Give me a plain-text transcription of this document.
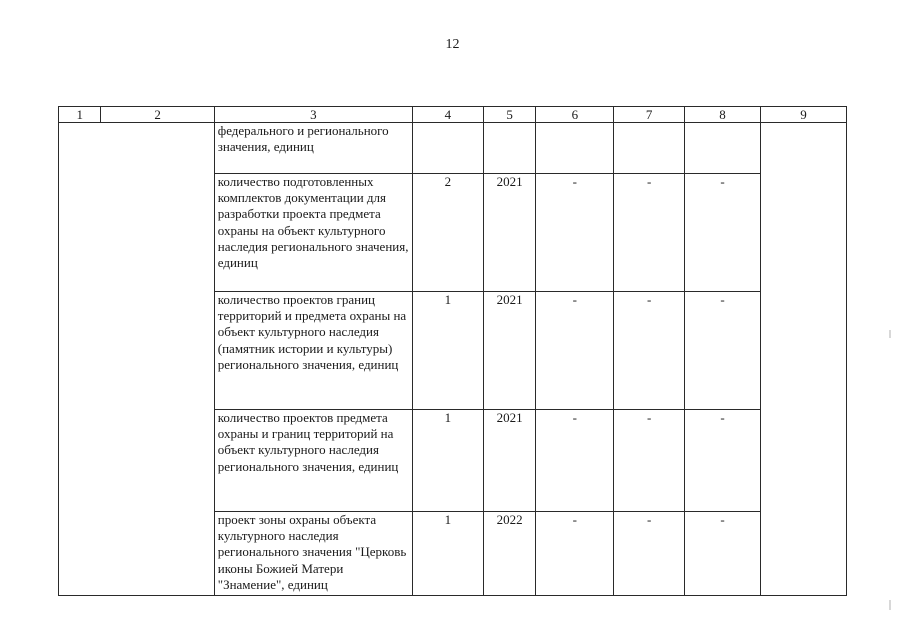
12
1	2	3	4	5	6	7	8	9
		федерального и регионального значения, единиц						
		количество подготовленных комплектов документации для разработки проекта предмета охраны на объект культурного наследия регионального значения, единиц	2	2021	-	-	-	
		количество проектов границ территорий и предмета охраны на объект культурного наследия (памятник истории и культуры) регионального значения, единиц	1	2021	-	-	-	
		количество проектов предмета охраны и границ территорий на объект культурного наследия регионального значения, единиц	1	2021	-	-	-	
		проект зоны охраны объекта культурного наследия регионального значения "Церковь иконы Божией Матери "Знамение", единиц	1	2022	-	-	-	
